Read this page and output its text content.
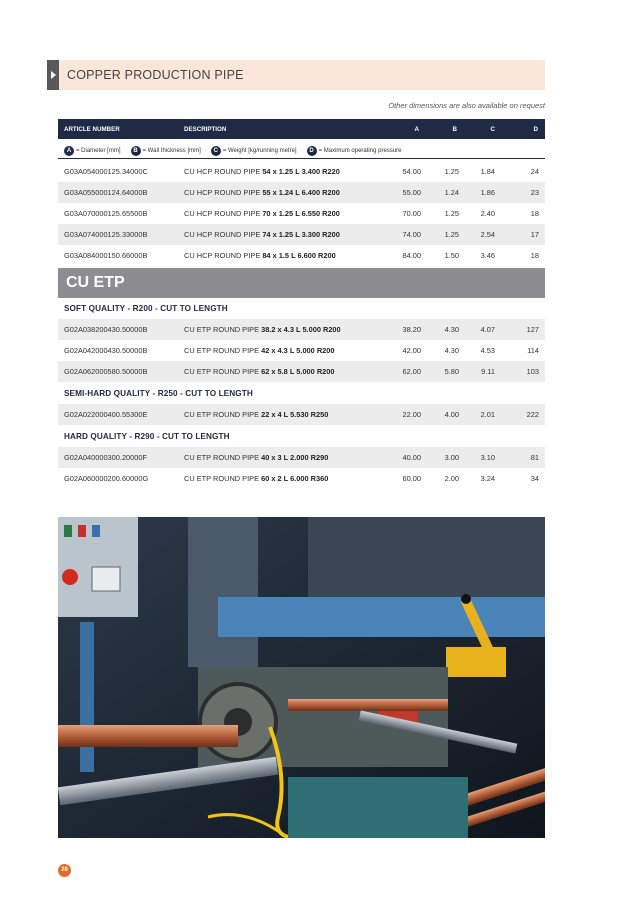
COPPER PRODUCTION PIPE
Other dimensions are also available on request
ARTICLE NUMBER	DESCRIPTION	A	B	C	D
A = Diameter [mm] ·	B = Wall thickness [mm] ·	C = Weight [kg/running metre] ·	D = Maximum operating pressure
G03A054000125.34000C	CU HCP ROUND PIPE 54 x 1.25 L 3.400 R220	54.00	1.25	1.84	24
G03A055000124.64000B	CU HCP ROUND PIPE 55 x 1.24 L 6.400 R200	55.00	1.24	1.86	23
G03A070000125.65500B	CU HCP ROUND PIPE 70 x 1.25 L 6.550 R200	70.00	1.25	2.40	18
G03A074000125.33000B	CU HCP ROUND PIPE 74 x 1.25 L 3.300 R200	74.00	1.25	2.54	17
G03A084000150.66000B	CU HCP ROUND PIPE 84 x 1.5 L 6.600 R200	84.00	1.50	3.46	18
CU ETP
SOFT QUALITY - R200 - CUT TO LENGTH
G02A038200430.50000B	CU ETP ROUND PIPE 38.2 x 4.3 L 5.000 R200	38.20	4.30	4.07	127
G02A042000430.50000B	CU ETP ROUND PIPE 42 x 4.3 L 5.000 R200	42.00	4.30	4.53	114
G02A062000580.50000B	CU ETP ROUND PIPE 62 x 5.8 L 5.000 R200	62.00	5.80	9.11	103
SEMI-HARD QUALITY - R250 - CUT TO LENGTH
G02A022000400.55300E	CU ETP ROUND PIPE 22 x 4 L 5.530 R250	22.00	4.00	2.01	222
HARD QUALITY - R290 - CUT TO LENGTH
G02A040000300.20000F	CU ETP ROUND PIPE 40 x 3 L 2.000 R290	40.00	3.00	3.10	81
G02A060000200.60000G	CU ETP ROUND PIPE 60 x 2 L 6.000 R360	60.00	2.00	3.24	34
28
